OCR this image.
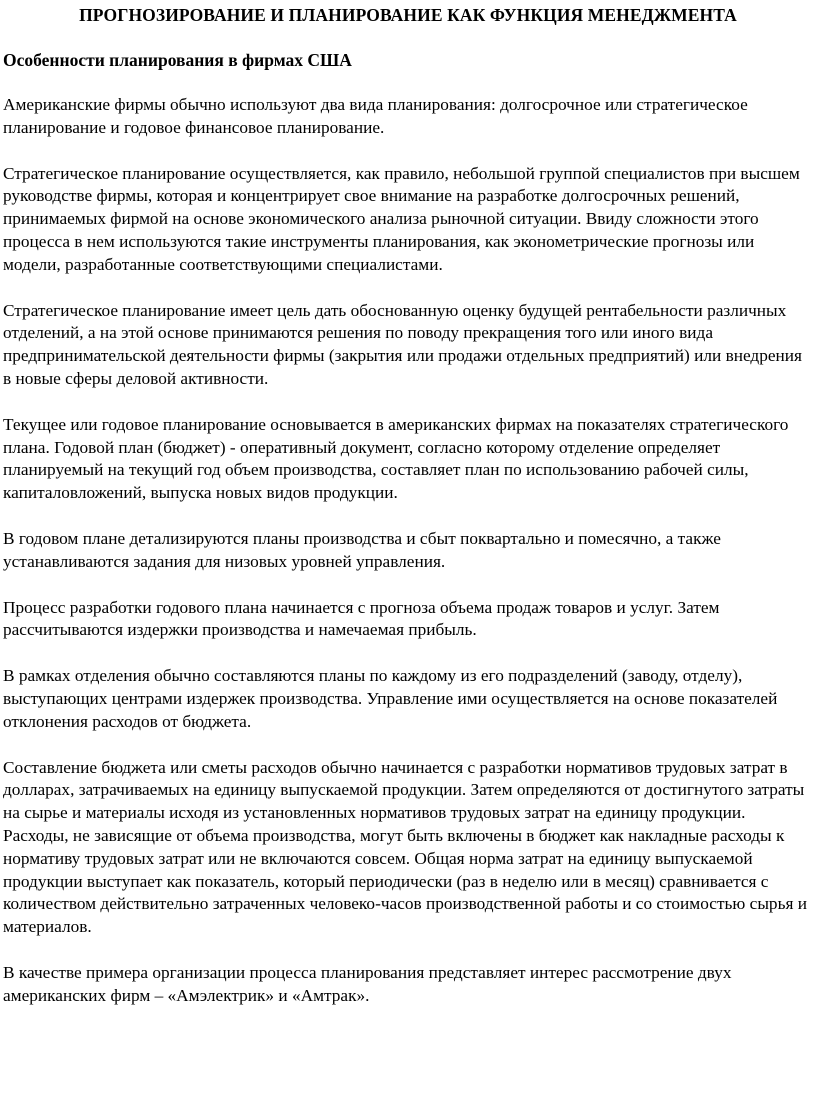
ПРОГНОЗИРОВАНИЕ И ПЛАНИРОВАНИЕ КАК ФУНКЦИЯ МЕНЕДЖМЕНТА
Особенности планирования в фирмах США

Американские фирмы обычно используют два вида планирования: долгосрочное или стратегическое планирование и годовое финансовое планирование.

Стратегическое планирование осуществляется, как правило, небольшой группой специалистов при высшем руководстве фирмы, которая и концентрирует свое внимание на разработке долгосрочных решений, принимаемых фирмой на основе экономического анализа рыночной ситуации. Ввиду сложности этого процесса в нем используются такие инструменты планирования, как эконометрические прогнозы или модели, разработанные соответствующими специалистами.

Стратегическое планирование имеет цель дать обоснованную оценку будущей рентабельности различных отделений, а на этой основе принимаются решения по поводу прекращения того или иного вида предпринимательской деятельности фирмы (закрытия или продажи отдельных предприятий) или внедрения в новые сферы деловой активности.

Текущее или годовое планирование основывается в американских фирмах на показателях стратегического плана. Годовой план (бюджет) - оперативный документ, согласно которому отделение определяет планируемый на текущий год объем производства, составляет план по использованию рабочей силы, капиталовложений, выпуска новых видов продукции.

В годовом плане детализируются планы производства и сбыт поквартально и помесячно, а также устанавливаются задания для низовых уровней управления.

Процесс разработки годового плана начинается с прогноза объема продаж товаров и услуг. Затем рассчитываются издержки производства и намечаемая прибыль.

В рамках отделения обычно составляются планы по каждому из его подразделений (заводу, отделу), выступающих центрами издержек производства. Управление ими осуществляется на основе показателей отклонения расходов от бюджета.

Составление бюджета или сметы расходов обычно начинается с разработки нормативов трудовых затрат в долларах, затрачиваемых на единицу выпускаемой продукции. Затем определяются от достигнутого затраты на сырье и материалы исходя из установленных нормативов трудовых затрат на единицу продукции. Расходы, не зависящие от объема производства, могут быть включены в бюджет как накладные расходы к нормативу трудовых затрат или не включаются совсем. Общая норма затрат на единицу выпускаемой продукции выступает как показатель, который периодически (раз в неделю или в месяц) сравнивается с количеством действительно затраченных человеко-часов производственной работы и со стоимостью сырья и материалов.

В качестве примера организации процесса планирования представляет интерес рассмотрение двух американских фирм – «Амэлектрик» и «Амтрак».
